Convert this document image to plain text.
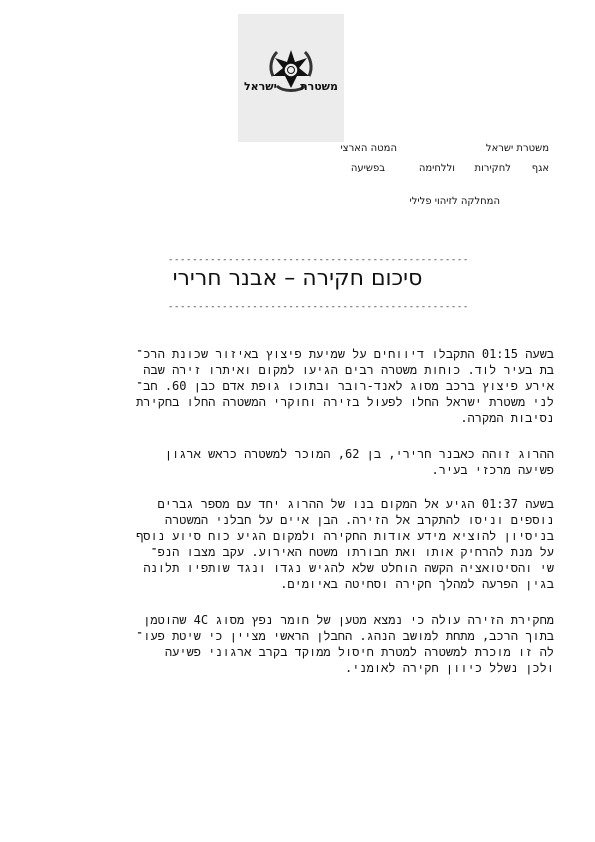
משטרת
ישראל
משטרת ישראל
המטה הארצי
אגף
לחקירות
וללחימה
בפשיעה
המחלקה לזיהוי פלילי
--------------------------------------------------
סיכום חקירה – אבנר חרירי
--------------------------------------------------
בשעה 01:15 התקבלו דיווחים על שמיעת פיצוץ באיזור שכונת הרכ־
בת בעיר לוד. כוחות משטרה רבים הגיעו למקום ואיתרו זירה שבה
אירע פיצוץ ברכב מסוג לאנד-רובר ובתוכו גופת אדם כבן 60. חב־
לני משטרת ישראל החלו לפעול בזירה וחוקרי המשטרה החלו בחקירת
נסיבות המקרה.
ההרוג זוהה כאבנר חרירי, בן 62, המוכר למשטרה כראש ארגון
פשיעה מרכזי בעיר.
בשעה 01:37 הגיע אל המקום בנו של ההרוג יחד עם מספר גברים
נוספים וניסו להתקרב אל הזירה. הבן איים על חבלני המשטרה
בניסיון להוציא מידע אודות החקירה ולמקום הגיע כוח סיוע נוסף
על מנת להרחיק אותו ואת חבורתו משטח האירוע. עקב מצבו הנפ־
שי והסיטואציה הקשה הוחלט שלא להגיש נגדו ונגד שותפיו תלונה
בגין הפרעה למהלך חקירה וסחיטה באיומים.
מחקירת הזירה עולה כי נמצא מטען של חומר נפץ מסוג 4C שהוטמן
בתוך הרכב, מתחת למושב הנהג. החבלן הראשי מציין כי שיטת פעו־
לה זו מוכרת למשטרה למטרת חיסול ממוקד בקרב ארגוני פשיעה
ולכן נשלל כיוון חקירה לאומני.
